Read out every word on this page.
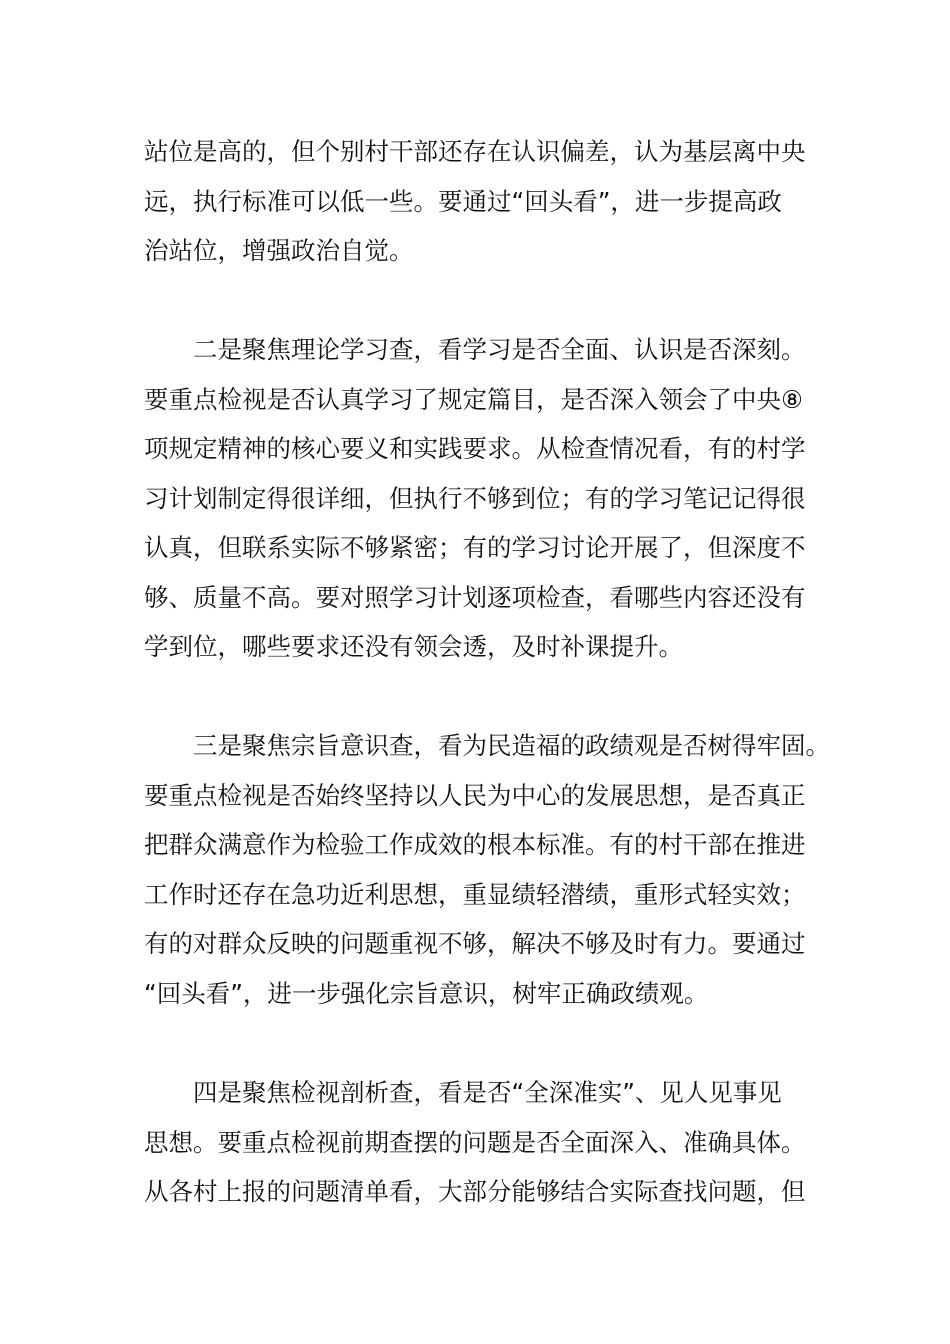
站位是高的，但个别村干部还存在认识偏差，认为基层离中央
远，执行标准可以低一些。要通过“回头看”，进一步提高政
治站位，增强政治自觉。
二是聚焦理论学习查，看学习是否全面、认识是否深刻。
要重点检视是否认真学习了规定篇目，是否深入领会了中央⑧
项规定精神的核心要义和实践要求。从检查情况看，有的村学
习计划制定得很详细，但执行不够到位；有的学习笔记记得很
认真，但联系实际不够紧密；有的学习讨论开展了，但深度不
够、质量不高。要对照学习计划逐项检查，看哪些内容还没有
学到位，哪些要求还没有领会透，及时补课提升。
三是聚焦宗旨意识查，看为民造福的政绩观是否树得牢固。
要重点检视是否始终坚持以人民为中心的发展思想，是否真正
把群众满意作为检验工作成效的根本标准。有的村干部在推进
工作时还存在急功近利思想，重显绩轻潜绩，重形式轻实效；
有的对群众反映的问题重视不够，解决不够及时有力。要通过
“回头看”，进一步强化宗旨意识，树牢正确政绩观。
四是聚焦检视剖析查，看是否“全深准实”、见人见事见
思想。要重点检视前期查摆的问题是否全面深入、准确具体。
从各村上报的问题清单看，大部分能够结合实际查找问题，但
